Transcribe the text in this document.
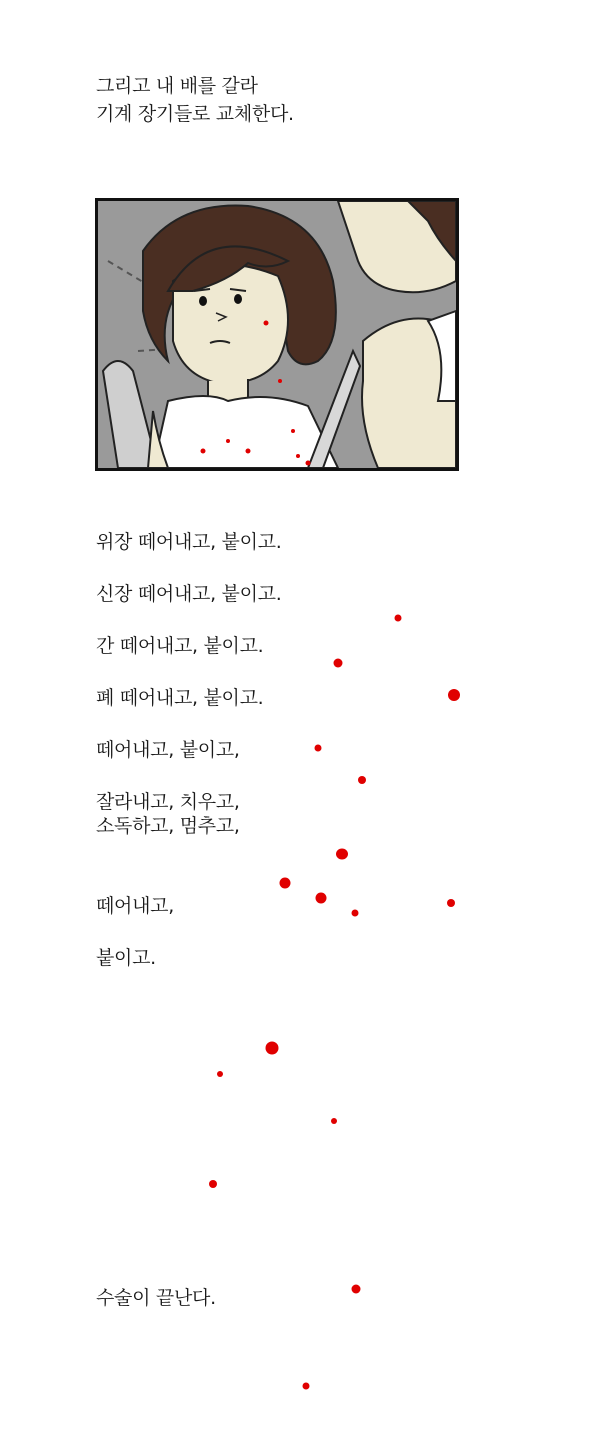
그리고 내 배를 갈라
기계 장기들로 교체한다.
위장 떼어내고, 붙이고.
신장 떼어내고, 붙이고.
간 떼어내고, 붙이고.
폐 떼어내고, 붙이고.
떼어내고, 붙이고,
잘라내고, 치우고,
소독하고, 멈추고,
떼어내고,
붙이고.
수술이 끝난다.
